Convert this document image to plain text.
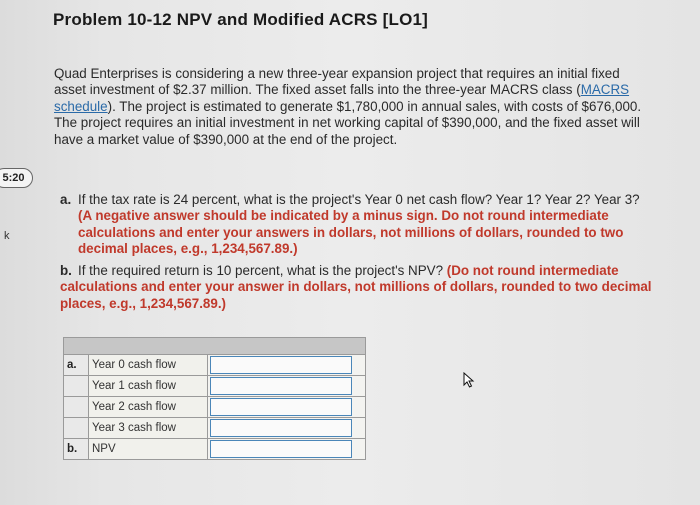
Problem 10-12 NPV and Modified ACRS [LO1]
Quad Enterprises is considering a new three-year expansion project that requires an initial fixed asset investment of $2.37 million. The fixed asset falls into the three-year MACRS class (MACRS schedule). The project is estimated to generate $1,780,000 in annual sales, with costs of $676,000. The project requires an initial investment in net working capital of $390,000, and the fixed asset will have a market value of $390,000 at the end of the project.
5:20
k
a. If the tax rate is 24 percent, what is the project's Year 0 net cash flow? Year 1? Year 2? Year 3?
(A negative answer should be indicated by a minus sign. Do not round intermediate calculations and enter your answers in dollars, not millions of dollars, rounded to two decimal places, e.g., 1,234,567.89.)
b. If the required return is 10 percent, what is the project's NPV? (Do not round intermediate calculations and enter your answer in dollars, not millions of dollars, rounded to two decimal places, e.g., 1,234,567.89.)

a.	Year 0 cash flow	

	Year 1 cash flow	

	Year 2 cash flow	

	Year 3 cash flow	

b.	NPV	
